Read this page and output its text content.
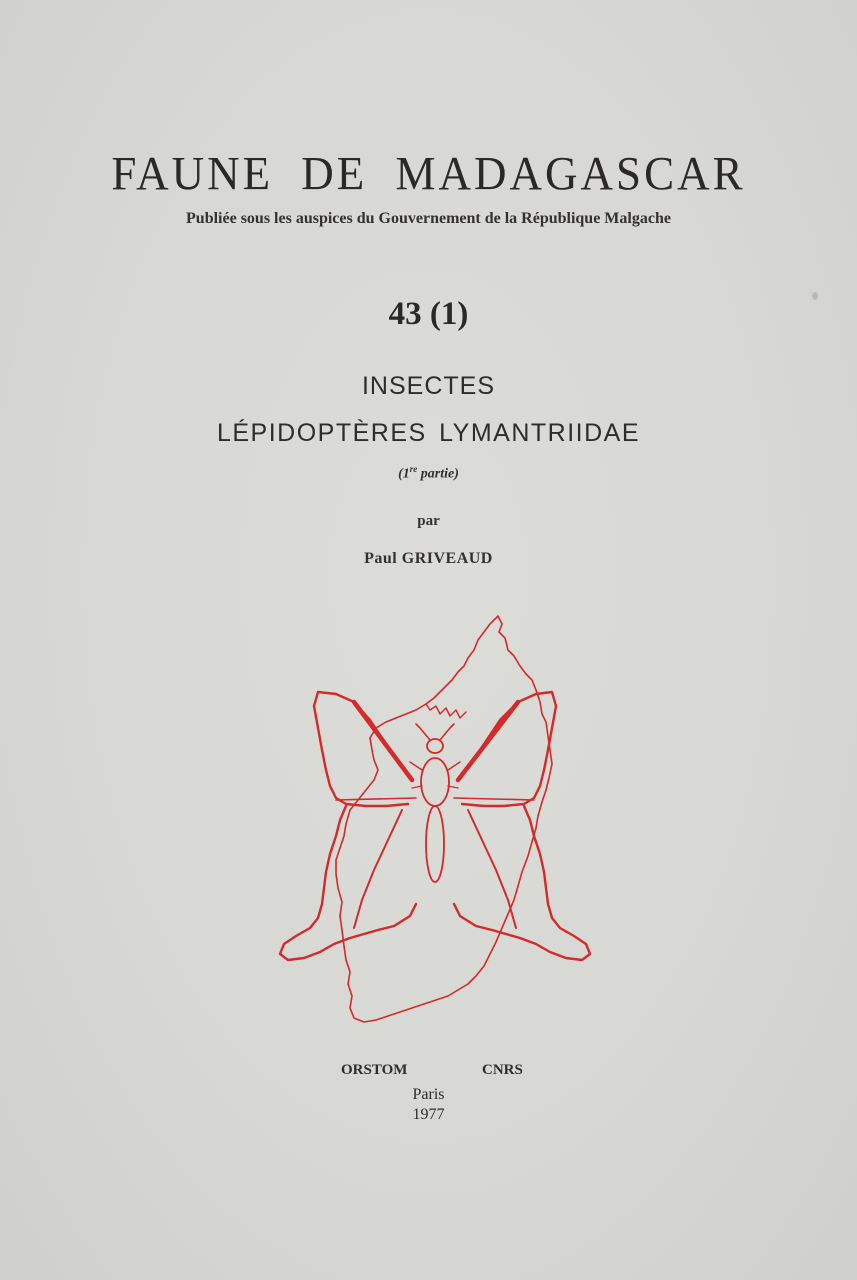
FAUNE DE MADAGASCAR
Publiée sous les auspices du Gouvernement de la République Malgache
43 (1)
INSECTES
LÉPIDOPTÈRES LYMANTRIIDAE
(1re partie)
par
Paul GRIVEAUD
ORSTOM	CNRS
Paris
1977
